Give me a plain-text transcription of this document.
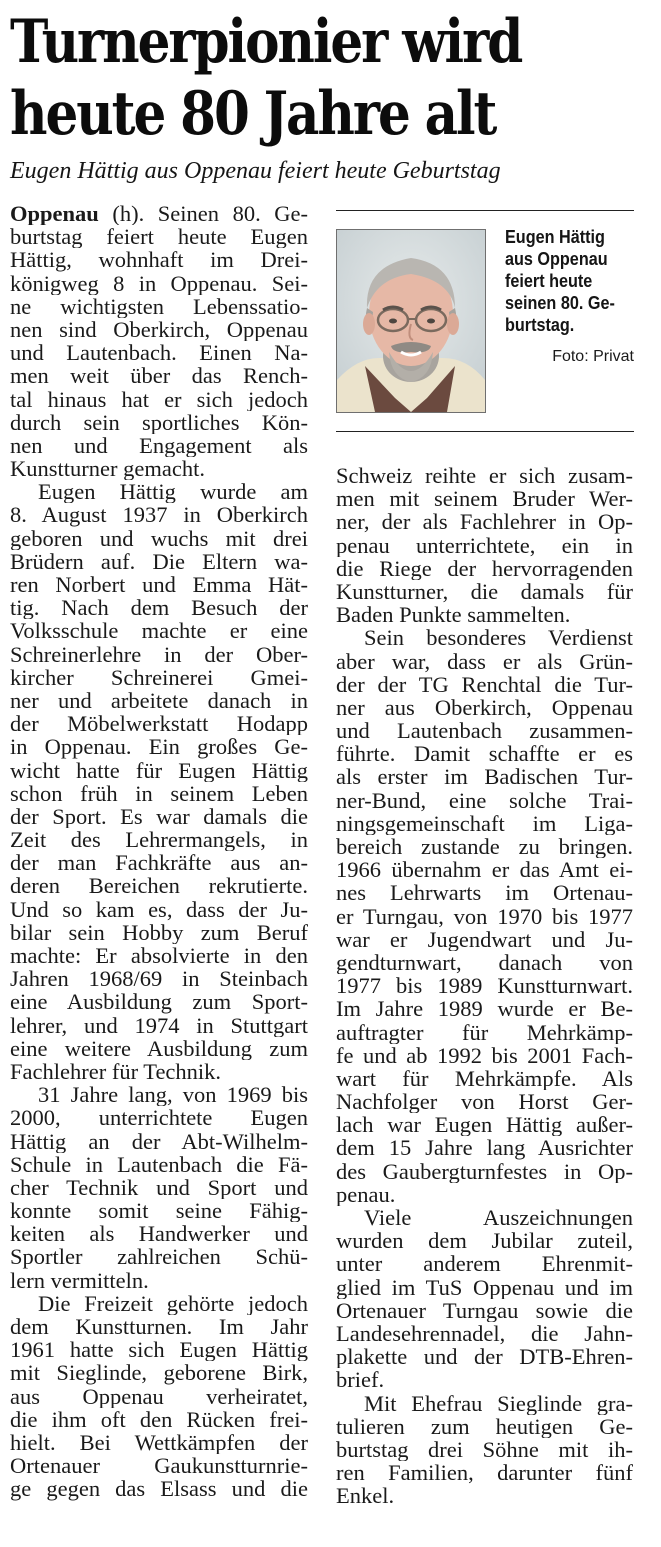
Turnerpionier wird
heute 80 Jahre alt
Eugen Hättig aus Oppenau feiert heute Geburtstag
Oppenau (h). Seinen 80. Ge-
burtstag feiert heute Eugen
Hättig, wohnhaft im Drei-
königweg 8 in Oppenau. Sei-
ne wichtigsten Lebenssatio-
nen sind Oberkirch, Oppenau
und Lautenbach. Einen Na-
men weit über das Rench-
tal hinaus hat er sich jedoch
durch sein sportliches Kön-
nen und Engagement als
Kunstturner gemacht.
Eugen Hättig wurde am
8. August 1937 in Oberkirch
geboren und wuchs mit drei
Brüdern auf. Die Eltern wa-
ren Norbert und Emma Hät-
tig. Nach dem Besuch der
Volksschule machte er eine
Schreinerlehre in der Ober-
kircher Schreinerei Gmei-
ner und arbeitete danach in
der Möbelwerkstatt Hodapp
in Oppenau. Ein großes Ge-
wicht hatte für Eugen Hättig
schon früh in seinem Leben
der Sport. Es war damals die
Zeit des Lehrermangels, in
der man Fachkräfte aus an-
deren Bereichen rekrutierte.
Und so kam es, dass der Ju-
bilar sein Hobby zum Beruf
machte: Er absolvierte in den
Jahren 1968/69 in Steinbach
eine Ausbildung zum Sport-
lehrer, und 1974 in Stuttgart
eine weitere Ausbildung zum
Fachlehrer für Technik.
31 Jahre lang, von 1969 bis
2000, unterrichtete Eugen
Hättig an der Abt-Wilhelm-
Schule in Lautenbach die Fä-
cher Technik und Sport und
konnte somit seine Fähig-
keiten als Handwerker und
Sportler zahlreichen Schü-
lern vermitteln.
Die Freizeit gehörte jedoch
dem Kunstturnen. Im Jahr
1961 hatte sich Eugen Hättig
mit Sieglinde, geborene Birk,
aus Oppenau verheiratet,
die ihm oft den Rücken frei-
hielt. Bei Wettkämpfen der
Ortenauer Gaukunstturnrie-
ge gegen das Elsass und die
Eugen Hättig
aus Oppenau
feiert heute
seinen 80. Ge-
burtstag.
Foto: Privat
Schweiz reihte er sich zusam-
men mit seinem Bruder Wer-
ner, der als Fachlehrer in Op-
penau unterrichtete, ein in
die Riege der hervorragenden
Kunstturner, die damals für
Baden Punkte sammelten.
Sein besonderes Verdienst
aber war, dass er als Grün-
der der TG Renchtal die Tur-
ner aus Oberkirch, Oppenau
und Lautenbach zusammen-
führte. Damit schaffte er es
als erster im Badischen Tur-
ner-Bund, eine solche Trai-
ningsgemeinschaft im Liga-
bereich zustande zu bringen.
1966 übernahm er das Amt ei-
nes Lehrwarts im Ortenau-
er Turngau, von 1970 bis 1977
war er Jugendwart und Ju-
gendturnwart, danach von
1977 bis 1989 Kunstturnwart.
Im Jahre 1989 wurde er Be-
auftragter für Mehrkämp-
fe und ab 1992 bis 2001 Fach-
wart für Mehrkämpfe. Als
Nachfolger von Horst Ger-
lach war Eugen Hättig außer-
dem 15 Jahre lang Ausrichter
des Gaubergturnfestes in Op-
penau.
Viele Auszeichnungen
wurden dem Jubilar zuteil,
unter anderem Ehrenmit-
glied im TuS Oppenau und im
Ortenauer Turngau sowie die
Landesehrennadel, die Jahn-
plakette und der DTB-Ehren-
brief.
Mit Ehefrau Sieglinde gra-
tulieren zum heutigen Ge-
burtstag drei Söhne mit ih-
ren Familien, darunter fünf
Enkel.
